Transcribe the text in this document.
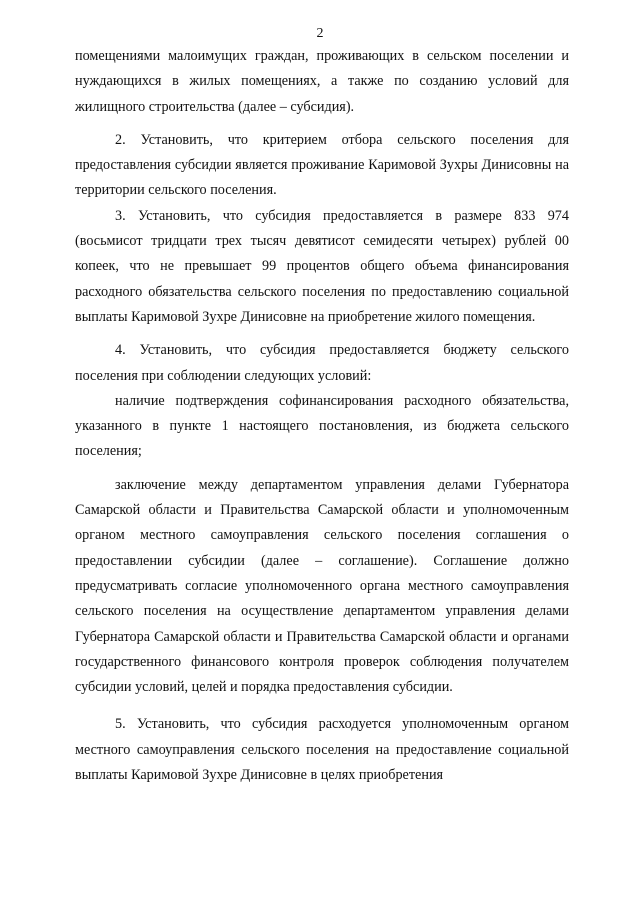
2

помещениями малоимущих граждан, проживающих в сельском поселении и нуждающихся в жилых помещениях, а также по созданию условий для жилищного строительства (далее – субсидия).

2. Установить, что критерием отбора сельского поселения для предоставления субсидии является проживание Каримовой Зухры Динисовны на территории сельского поселения.

3. Установить, что субсидия предоставляется в размере 833 974 (восьмисот тридцати трех тысяч девятисот семидесяти четырех) рублей 00 копеек, что не превышает 99 процентов общего объема финансирования расходного обязательства сельского поселения по предоставлению социальной выплаты Каримовой Зухре Динисовне на приобретение жилого помещения.

4. Установить, что субсидия предоставляется бюджету сельского поселения при соблюдении следующих условий:

наличие подтверждения софинансирования расходного обязательства, указанного в пункте 1 настоящего постановления, из бюджета сельского поселения;

заключение между департаментом управления делами Губернатора Самарской области и Правительства Самарской области и уполномоченным органом местного самоуправления сельского поселения соглашения о предоставлении субсидии (далее – соглашение). Соглашение должно предусматривать согласие уполномоченного органа местного самоуправления сельского поселения на осуществление департаментом управления делами Губернатора Самарской области и Правительства Самарской области и органами государственного финансового контроля проверок соблюдения получателем субсидии условий, целей и порядка предоставления субсидии.

5. Установить, что субсидия расходуется уполномоченным органом местного самоуправления сельского поселения на предоставление социальной выплаты Каримовой Зухре Динисовне в целях приобретения
